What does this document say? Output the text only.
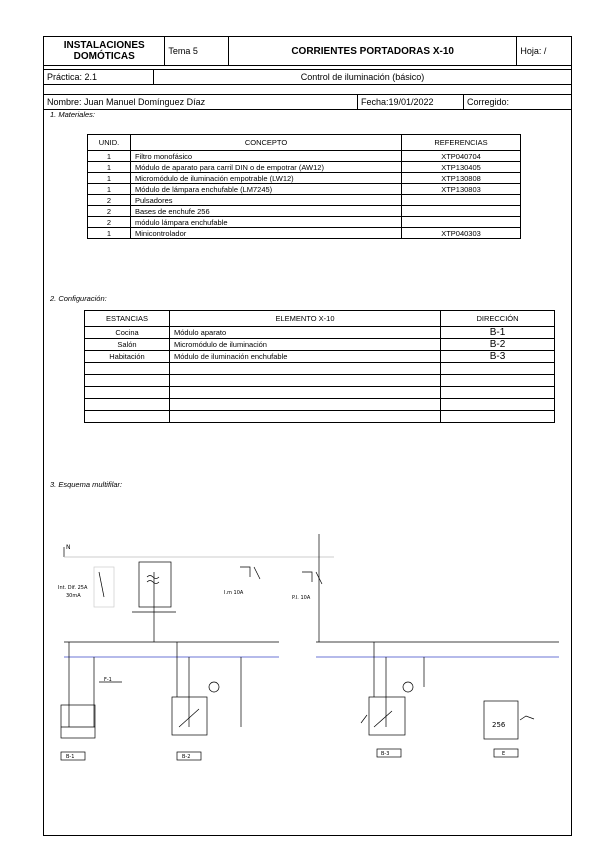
INSTALACIONES
DOMÓTICAS	Tema 5	CORRIENTES PORTADORAS X-10	Hoja: /
Práctica: 2.1	Control de iluminación (básico)
Nombre: Juan Manuel Domínguez Díaz	Fecha:19/01/2022	Corregido:
1. Materiales:
UNID.	CONCEPTO	REFERENCIAS
1	Filtro monofásico	XTP040704
1	Módulo de aparato para carril DIN o de empotrar (AW12)	XTP130405
1	Micromódulo de iluminación empotrable (LW12)	XTP130808
1	Módulo de lámpara enchufable (LM7245)	XTP130803
2	Pulsadores	
2	Bases de enchufe 256	
2	módulo lámpara enchufable	
1	Minicontrolador	XTP040303
2. Configuración:
ESTANCIAS	ELEMENTO X-10	DIRECCIÓN
Cocina	Módulo aparato	B-1
Salón	Micromódulo de iluminación	B-2
Habitación	Módulo de iluminación enchufable	B-3

3. Esquema multifilar:
N
Int. Dif. 25A
30mA	I.m 10A
P.I. 10A
F-1
B-1	B-2	B-3
256
E
